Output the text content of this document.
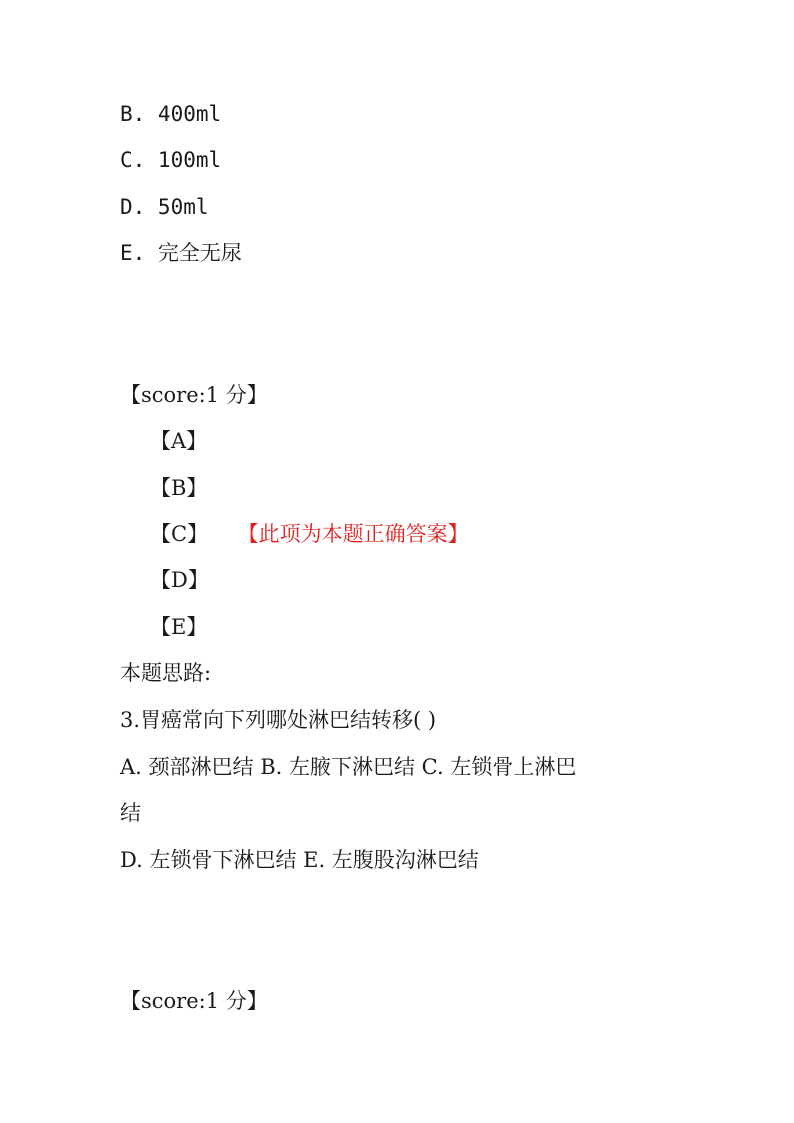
B. 400ml
C. 100ml
D. 50ml
E. 完全无尿
【score:1 分】
【A】
【B】
【C】 【此项为本题正确答案】
【D】
【E】
本题思路:
3.胃癌常向下列哪处淋巴结转移( )
A. 颈部淋巴结 B. 左腋下淋巴结 C. 左锁骨上淋巴
结
D. 左锁骨下淋巴结 E. 左腹股沟淋巴结
【score:1 分】
